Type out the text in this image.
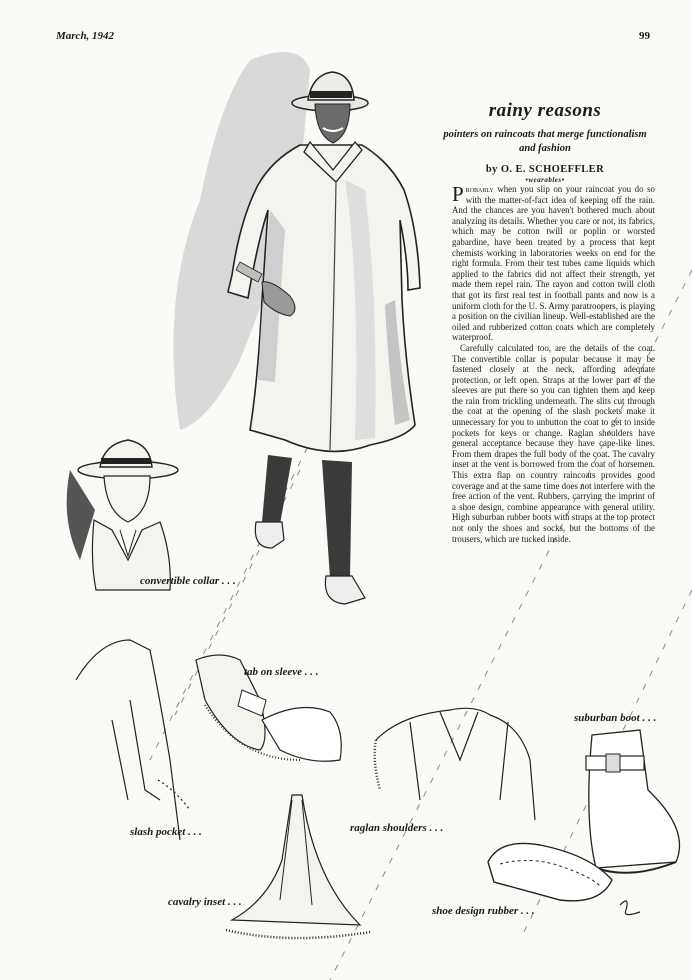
March, 1942	99
rainy reasons

pointers on raincoats that merge functionalism and fashion

by O. E. SCHOEFFLER

•wearables•

Probably when you slip on your raincoat you do so with the matter-of-fact idea of keeping off the rain. And the chances are you haven't bothered much about analyzing its details. Whether you care or not, its fabrics, which may be cotton twill or poplin or worsted gabardine, have been treated by a process that kept chemists working in laboratories weeks on end for the right formula. From their test tubes came liquids which applied to the fabrics did not affect their strength, yet made them repel rain. The rayon and cotton twill cloth that got its first real test in football pants and now is a uniform cloth for the U. S. Army paratroopers, is playing a position on the civilian lineup. Well-established are the oiled and rubberized cotton coats which are completely waterproof.

Carefully calculated too, are the details of the coat. The convertible collar is popular because it may be fastened closely at the neck, affording adequate protection, or left open. Straps at the lower part of the sleeves are put there so you can tighten them and keep the rain from trickling underneath. The slits cut through the coat at the opening of the slash pockets make it unnecessary for you to unbutton the coat to get to inside pockets for keys or change. Raglan shoulders have general acceptance because they have cape-like lines. From them drapes the full body of the coat. The cavalry inset at the vent is borrowed from the coat of horsemen. This extra flap on country raincoats provides good coverage and at the same time does not interfere with the free action of the vent. Rubbers, carrying the imprint of a shoe design, combine appearance with general utility. High suburban rubber boots with straps at the top protect not only the shoes and socks, but the bottoms of the trousers, which are tucked inside.

convertible collar . . .
tab on sleeve . . .
slash pocket . . .	raglan shoulders . . .
suburban boot . . .
cavalry inset . . .
shoe design rubber . . .
